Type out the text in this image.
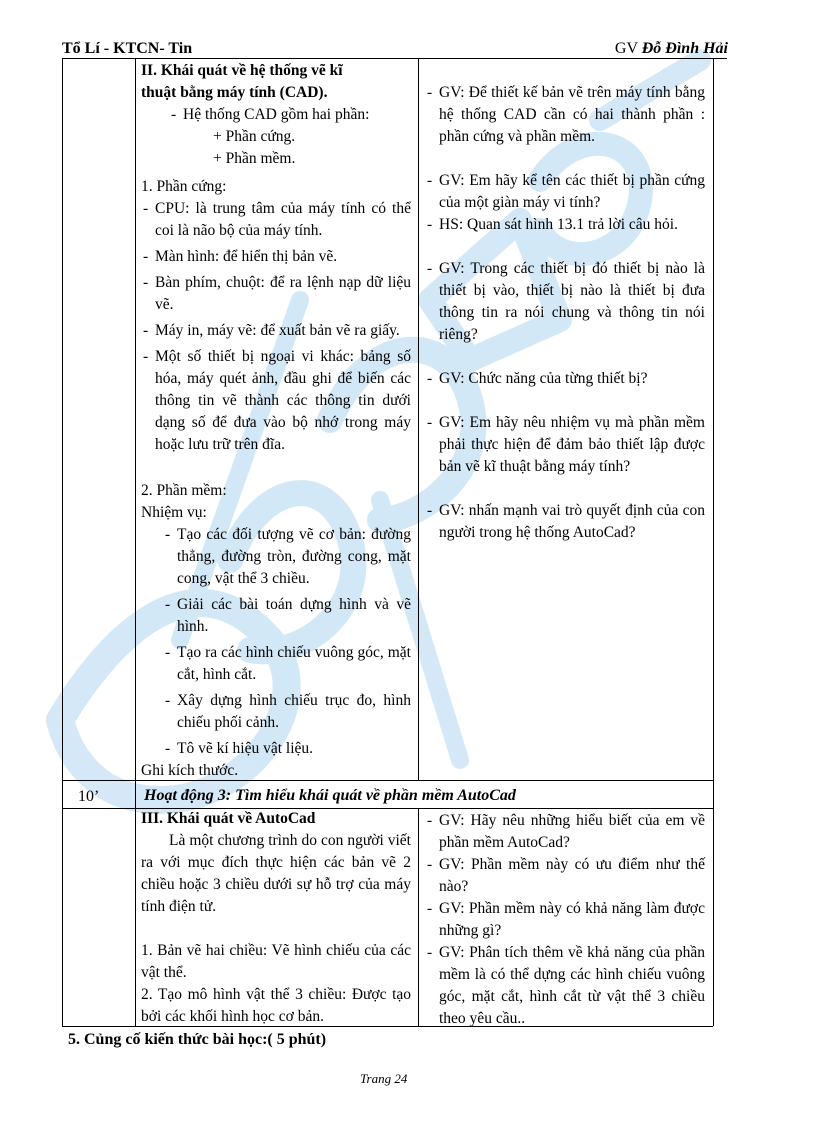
Tổ Lí - KTCN- Tin	GV Đỗ Đình Hải
II. Khái quát về hệ thống vẽ kĩ
thuật bằng máy tính (CAD).
- Hệ thống CAD gồm hai phần:
+ Phần cứng.
+ Phần mềm.
1. Phần cứng:
- CPU: là trung tâm của máy tính có thể coi là não bộ của máy tính.
- Màn hình: để hiển thị bản vẽ.
- Bàn phím, chuột: để ra lệnh nạp dữ liệu vẽ.
- Máy in, máy vẽ: để xuất bản vẽ ra giấy.
- Một số thiết bị ngoại vi khác: bảng số hóa, máy quét ảnh, đầu ghi để biến các thông tin vẽ thành các thông tin dưới dạng số để đưa vào bộ nhớ trong máy hoặc lưu trữ trên đĩa.
2. Phần mềm:
Nhiệm vụ:
- Tạo các đối tượng vẽ cơ bản: đường thẳng, đường tròn, đường cong, mặt cong, vật thể 3 chiều.
- Giải các bài toán dựng hình và vẽ hình.
- Tạo ra các hình chiếu vuông góc, mặt cắt, hình cắt.
- Xây dựng hình chiếu trục đo, hình chiếu phối cảnh.
- Tô vẽ kí hiệu vật liệu.
Ghi kích thước.
- GV: Để thiết kế bản vẽ trên máy tính bằng hệ thống CAD cần có hai thành phần : phần cứng và phần mềm.
- GV: Em hãy kể tên các thiết bị phần cứng của một giàn máy vi tính?
- HS: Quan sát hình 13.1 trả lời câu hỏi.
- GV: Trong các thiết bị đó thiết bị nào là thiết bị vào, thiết bị nào là thiết bị đưa thông tin ra nói chung và thông tin nói riêng?
- GV: Chức năng của từng thiết bị?
- GV: Em hãy nêu nhiệm vụ mà phần mềm phải thực hiện để đảm bảo thiết lập được bản vẽ kĩ thuật bằng máy tính?
- GV: nhấn mạnh vai trò quyết định của con người trong hệ thống AutoCad?
10’	Hoạt động 3: Tìm hiểu khái quát về phần mềm AutoCad
III. Khái quát về AutoCad
Là một chương trình do con người viết ra với mục đích thực hiện các bản vẽ 2 chiều hoặc 3 chiều dưới sự hỗ trợ của máy tính điện tử.
1. Bản vẽ hai chiều: Vẽ hình chiếu của các vật thể.
2. Tạo mô hình vật thể 3 chiều: Được tạo bởi các khối hình học cơ bản.
- GV: Hãy nêu những hiểu biết của em về phần mềm AutoCad?
- GV: Phần mềm này có ưu điểm như thế nào?
- GV: Phần mềm này có khả năng làm được những gì?
- GV: Phân tích thêm về khả năng của phần mềm là có thể dựng các hình chiếu vuông góc, mặt cắt, hình cắt từ vật thể 3 chiều theo yêu cầu..
5. Củng cố kiến thức bài học:( 5 phút)
Trang 24
